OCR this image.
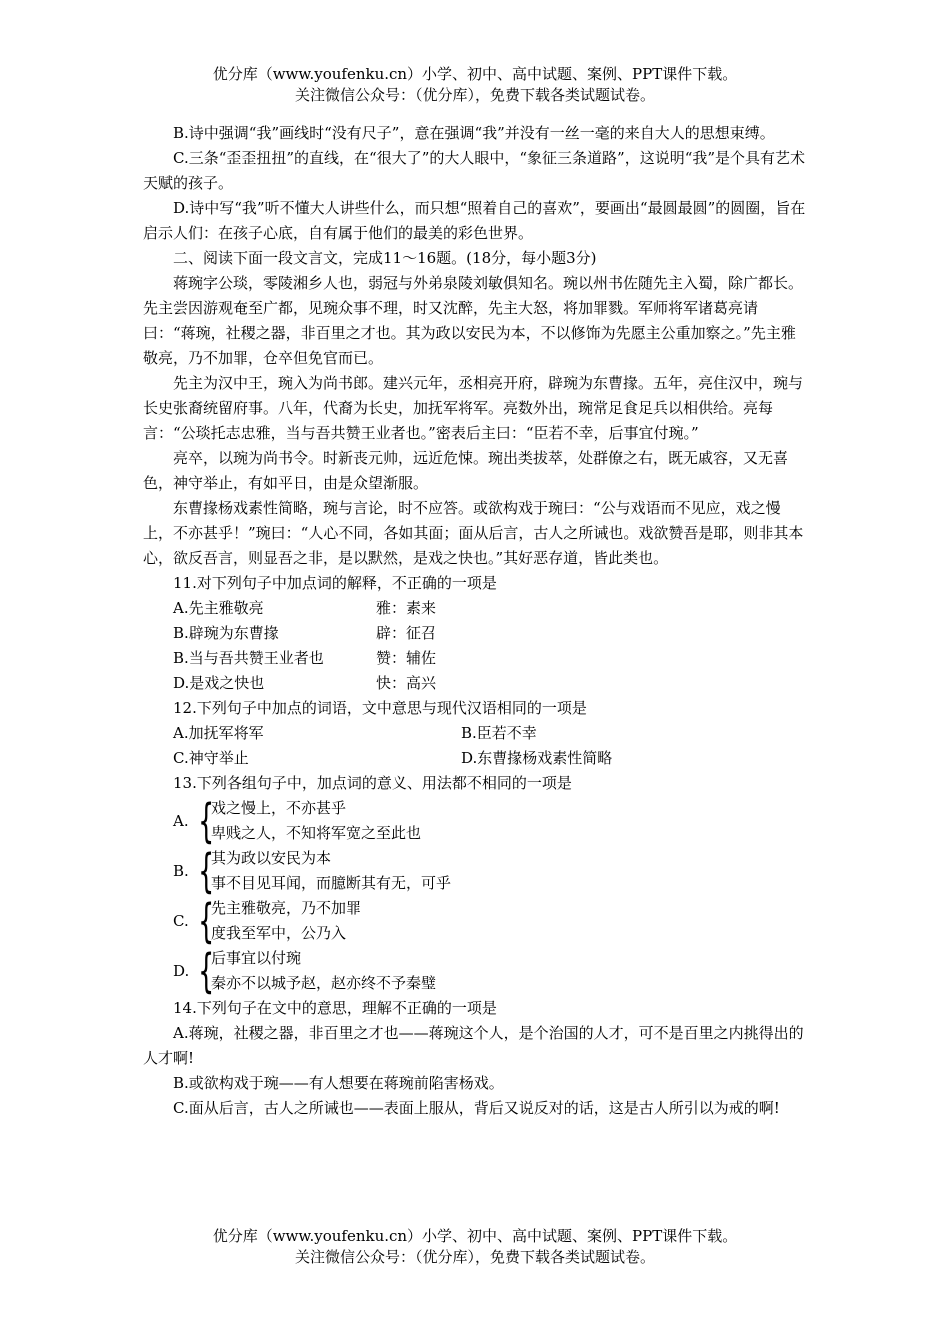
优分库（www.youfenku.cn）小学、初中、高中试题、案例、PPT课件下载。
关注微信公众号：（优分库），免费下载各类试题试卷。

B.诗中强调“我”画线时“没有尺子”，意在强调“我”并没有一丝一毫的来自大人的思想束缚。

C.三条“歪歪扭扭”的直线，在“很大了”的大人眼中，“象征三条道路”，这说明“我”是个具有艺术天赋的孩子。

D.诗中写“我”听不懂大人讲些什么，而只想“照着自己的喜欢”，要画出“最圆最圆”的圆圈，旨在启示人们：在孩子心底，自有属于他们的最美的彩色世界。

二、阅读下面一段文言文，完成11～16题。(18分，每小题3分)

蒋琬字公琰，零陵湘乡人也，弱冠与外弟泉陵刘敏俱知名。琬以州书佐随先主入蜀，除广都长。先主尝因游观奄至广都，见琬众事不理，时又沈醉，先主大怒，将加罪戮。军师将军诸葛亮请曰：“蒋琬，社稷之器，非百里之才也。其为政以安民为本，不以修饰为先愿主公重加察之。”先主雅敬亮，乃不加罪，仓卒但免官而已。

先主为汉中王，琬入为尚书郎。建兴元年，丞相亮开府，辟琬为东曹掾。五年，亮住汉中，琬与长史张裔统留府事。八年，代裔为长史，加抚军将军。亮数外出，琬常足食足兵以相供给。亮每言：“公琰托志忠雅，当与吾共赞王业者也。”密表后主曰：“臣若不幸，后事宜付琬。”

亮卒，以琬为尚书令。时新丧元帅，远近危悚。琬出类拔萃，处群僚之右，既无戚容，又无喜色，神守举止，有如平日，由是众望渐服。

东曹掾杨戏素性简略，琬与言论，时不应答。或欲构戏于琬曰：“公与戏语而不见应，戏之慢上，不亦甚乎！”琬曰：“人心不同，各如其面；面从后言，古人之所诫也。戏欲赞吾是耶，则非其本心，欲反吾言，则显吾之非，是以默然，是戏之快也。”其好恶存道，皆此类也。

11.对下列句子中加点词的解释，不正确的一项是

A.先主雅敬亮	雅：素来
B.辟琬为东曹掾	辟：征召
B.当与吾共赞王业者也	赞：辅佐
D.是戏之快也	快：高兴

12.下列句子中加点的词语，文中意思与现代汉语相同的一项是

A.加抚军将军	B.臣若不幸
C.神守举止	D.东曹掾杨戏素性简略

13.下列各组句子中，加点词的意义、用法都不相同的一项是

A. {
戏之慢上，不亦甚乎
卑贱之人，不知将军宽之至此也
B. {
其为政以安民为本
事不目见耳闻，而臆断其有无，可乎
C. {
先主雅敬亮，乃不加罪
度我至军中，公乃入
D. {
后事宜以付琬
秦亦不以城予赵，赵亦终不予秦璧

14.下列句子在文中的意思，理解不正确的一项是

A.蒋琬，社稷之器，非百里之才也——蒋琬这个人，是个治国的人才，可不是百里之内挑得出的人才啊!

B.或欲构戏于琬——有人想要在蒋琬前陷害杨戏。

C.面从后言，古人之所诫也——表面上服从，背后又说反对的话，这是古人所引以为戒的啊!

优分库（www.youfenku.cn）小学、初中、高中试题、案例、PPT课件下载。
关注微信公众号：（优分库），免费下载各类试题试卷。
